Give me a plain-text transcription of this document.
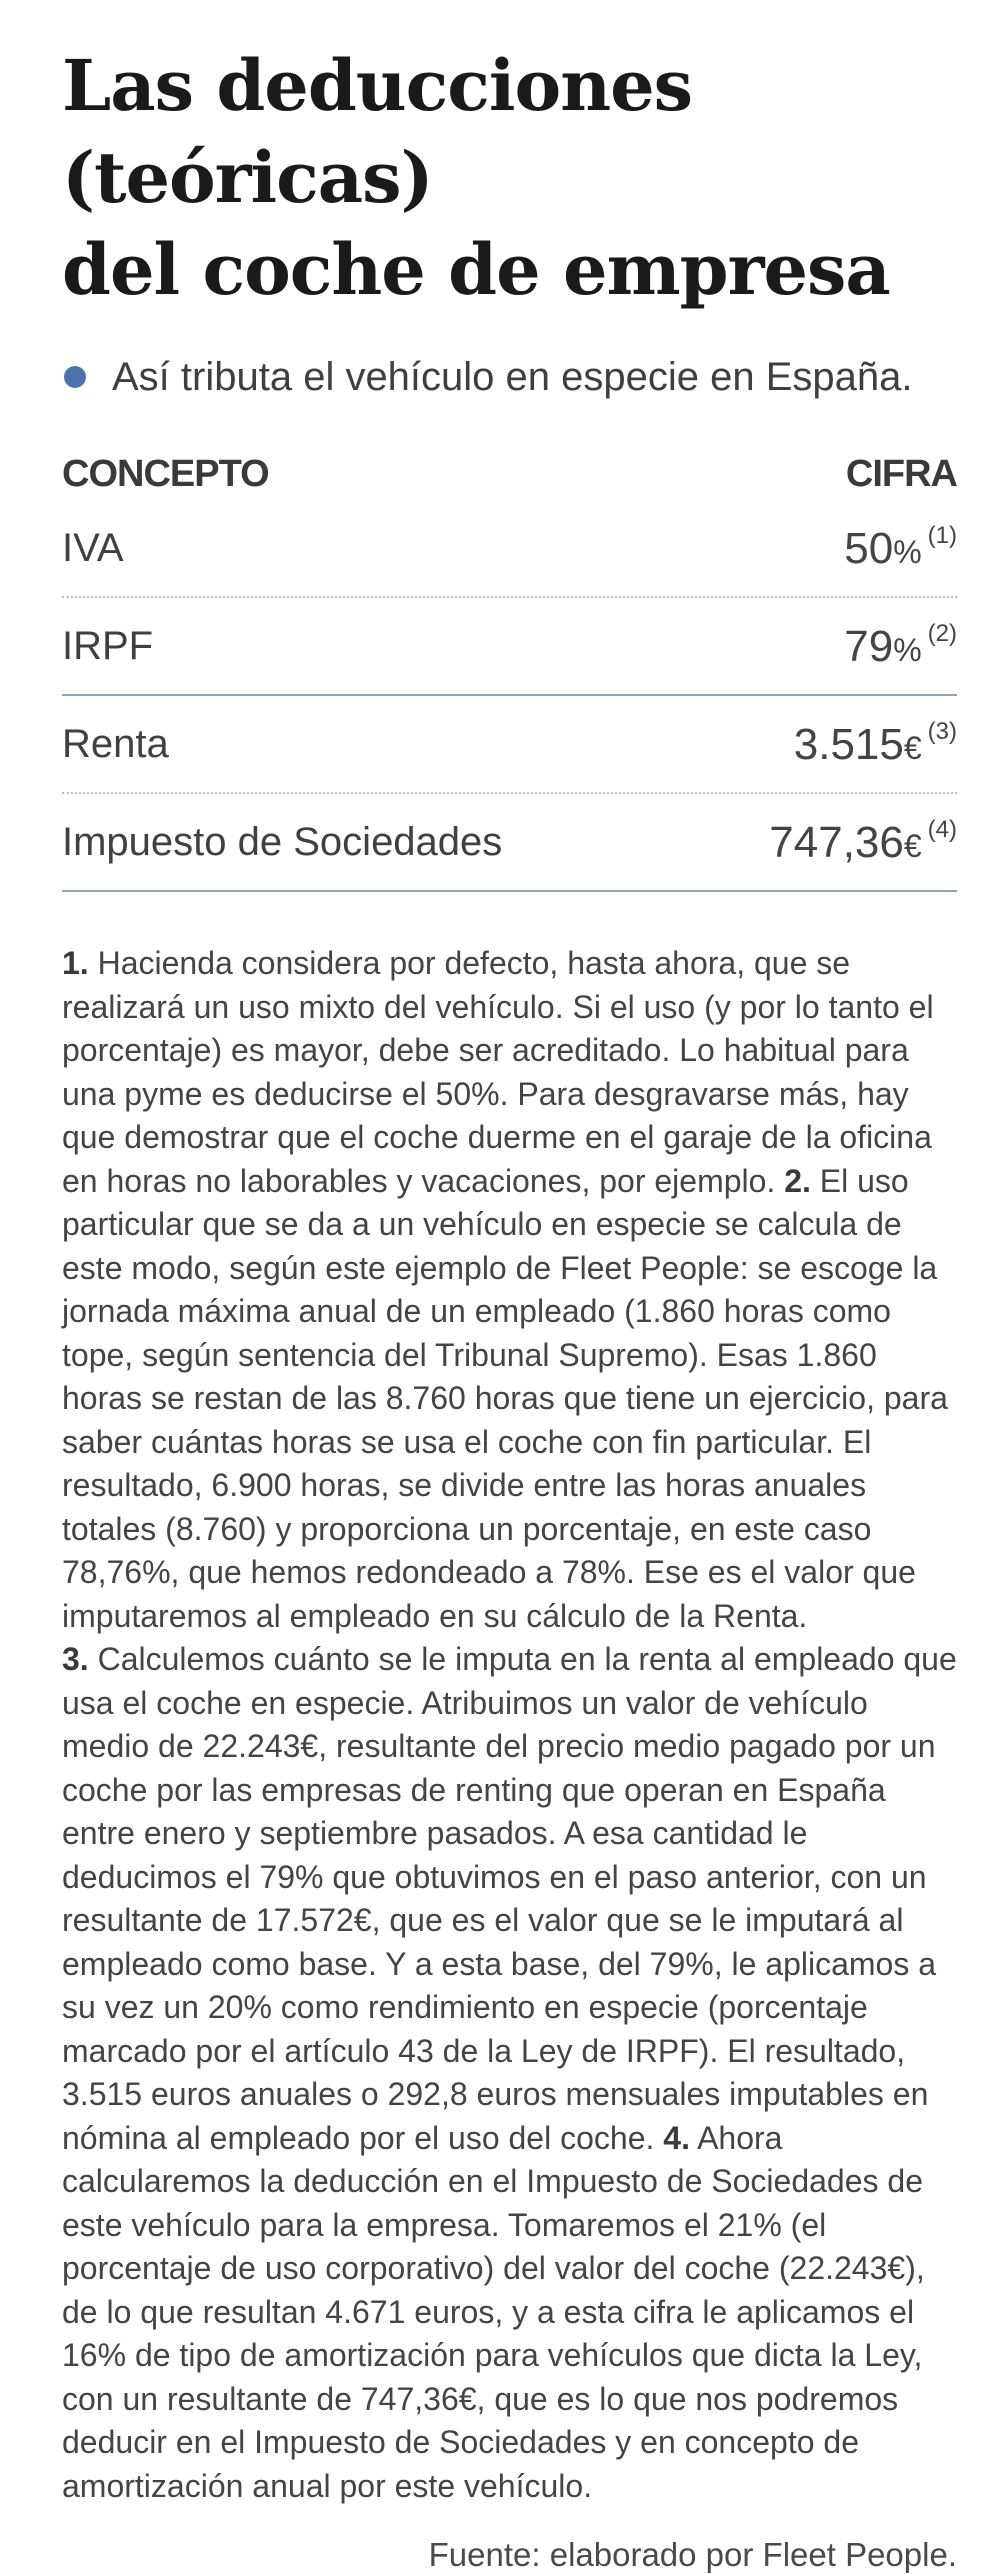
Las deducciones (teóricas)
del coche de empresa
Así tributa el vehículo en especie en España.
CONCEPTO	CIFRA
IVA	50% $^{(1)}$
IRPF	79% $^{(2)}$
Renta	3.515€ $^{(3)}$
Impuesto de Sociedades	747,36€ $^{(4)}$
1. Hacienda considera por defecto, hasta ahora, que se realizará un uso mixto del vehículo. Si el uso (y por lo tanto el porcentaje) es mayor, debe ser acreditado. Lo habitual para una pyme es deducirse el 50%. Para desgravarse más, hay que demostrar que el coche duerme en el garaje de la oficina en horas no laborables y vacaciones, por ejemplo. 2. El uso particular que se da a un vehículo en especie se calcula de este modo, según este ejemplo de Fleet People: se escoge la jornada máxima anual de un empleado (1.860 horas como tope, según sentencia del Tribunal Supremo). Esas 1.860 horas se restan de las 8.760 horas que tiene un ejercicio, para saber cuántas horas se usa el coche con fin particular. El resultado, 6.900 horas, se divide entre las horas anuales totales (8.760) y proporciona un porcentaje, en este caso 78,76%, que hemos redondeado a 78%. Ese es el valor que imputaremos al empleado en su cálculo de la Renta.
3. Calculemos cuánto se le imputa en la renta al empleado que usa el coche en especie. Atribuimos un valor de vehículo medio de 22.243€, resultante del precio medio pagado por un coche por las empresas de renting que operan en España entre enero y septiembre pasados. A esa cantidad le deducimos el 79% que obtuvimos en el paso anterior, con un resultante de 17.572€, que es el valor que se le imputará al empleado como base. Y a esta base, del 79%, le aplicamos a su vez un 20% como rendimiento en especie (porcentaje marcado por el artículo 43 de la Ley de IRPF). El resultado, 3.515 euros anuales o 292,8 euros mensuales imputables en nómina al empleado por el uso del coche. 4. Ahora calcularemos la deducción en el Impuesto de Sociedades de este vehículo para la empresa. Tomaremos el 21% (el porcentaje de uso corporativo) del valor del coche (22.243€), de lo que resultan 4.671 euros, y a esta cifra le aplicamos el 16% de tipo de amortización para vehículos que dicta la Ley, con un resultante de 747,36€, que es lo que nos podremos deducir en el Impuesto de Sociedades y en concepto de amortización anual por este vehículo.
Fuente: elaborado por Fleet People.
